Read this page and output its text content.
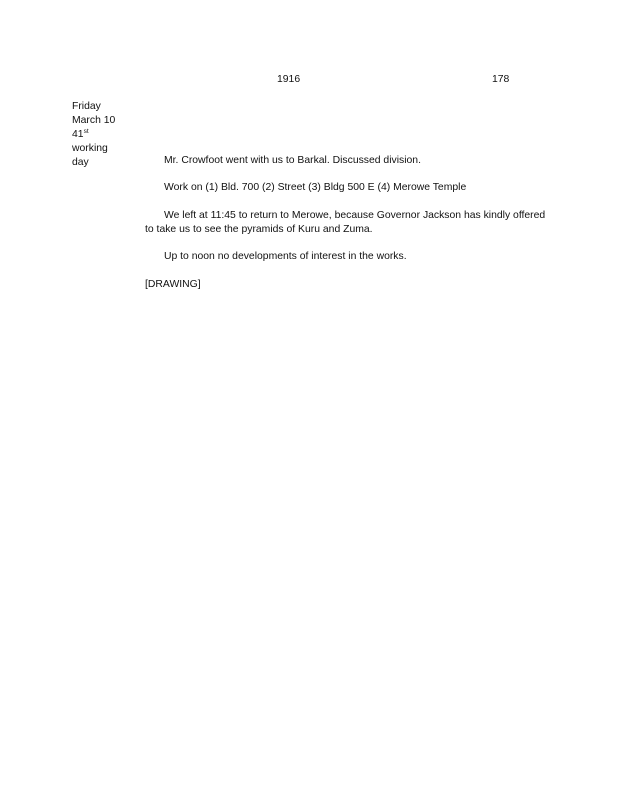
1916	178
Friday
March 10
41st
working
day	Mr. Crowfoot went with us to Barkal. Discussed division.
Work on (1) Bld. 700 (2) Street (3) Bldg 500 E (4) Merowe Temple
We left at 11:45 to return to Merowe, because Governor Jackson has kindly offered to take us to see the pyramids of Kuru and Zuma.
Up to noon no developments of interest in the works.
[DRAWING]
